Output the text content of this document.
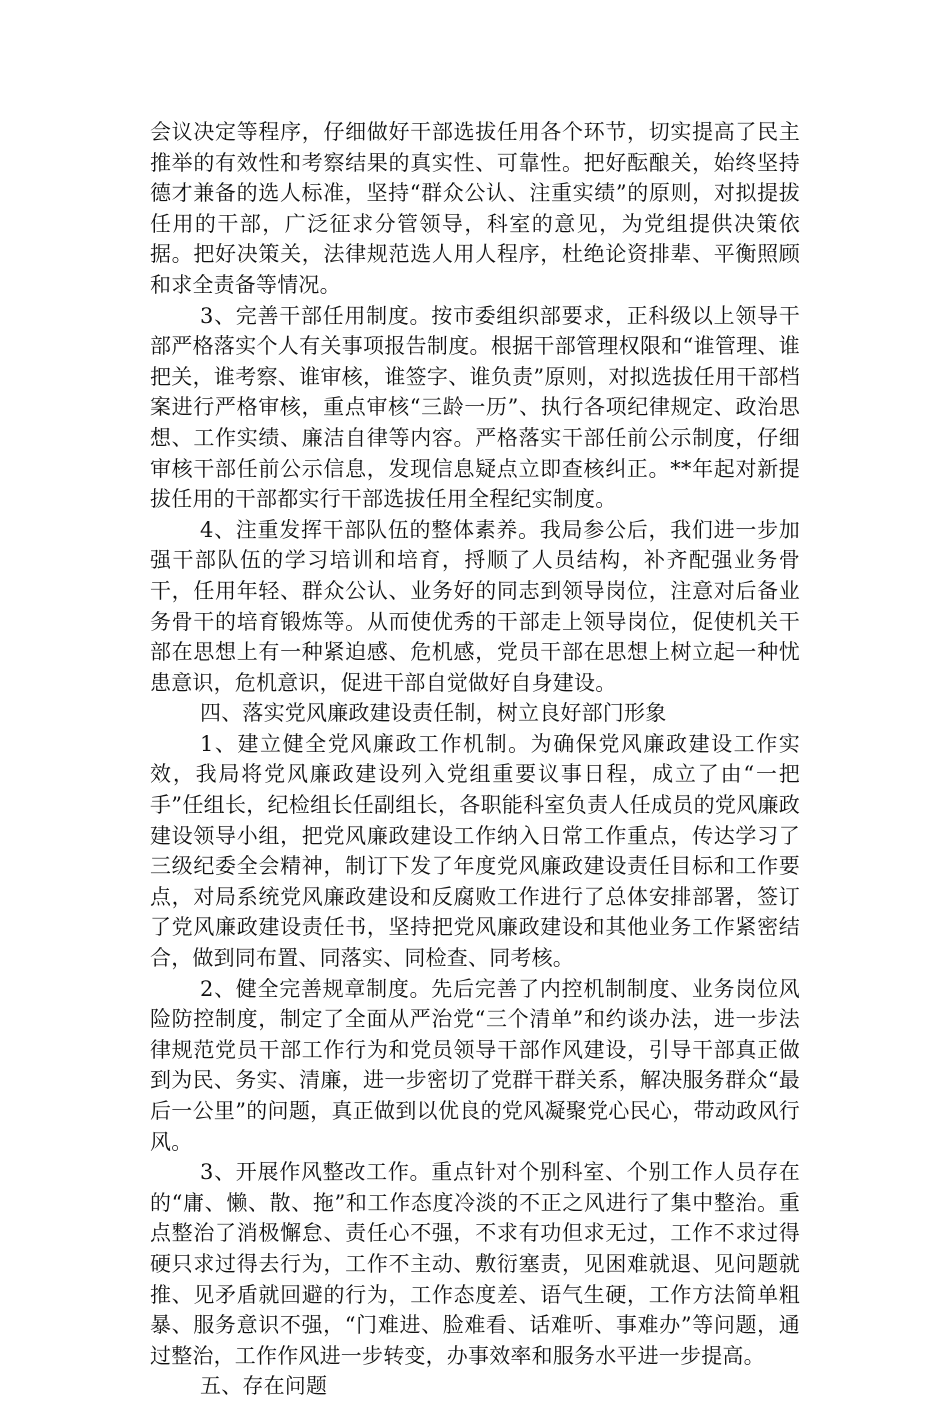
会议决定等程序，仔细做好干部选拔任用各个环节，切实提高了民主推举的有效性和考察结果的真实性、可靠性。把好酝酿关，始终坚持德才兼备的选人标准，坚持“群众公认、注重实绩”的原则，对拟提拔任用的干部，广泛征求分管领导，科室的意见，为党组提供决策依据。把好决策关，法律规范选人用人程序，杜绝论资排辈、平衡照顾和求全责备等情况。

3、完善干部任用制度。按市委组织部要求，正科级以上领导干部严格落实个人有关事项报告制度。根据干部管理权限和“谁管理、谁把关，谁考察、谁审核，谁签字、谁负责”原则，对拟选拔任用干部档案进行严格审核，重点审核“三龄一历”、执行各项纪律规定、政治思想、工作实绩、廉洁自律等内容。严格落实干部任前公示制度，仔细审核干部任前公示信息，发现信息疑点立即查核纠正。**年起对新提拔任用的干部都实行干部选拔任用全程纪实制度。

4、注重发挥干部队伍的整体素养。我局参公后，我们进一步加强干部队伍的学习培训和培育，捋顺了人员结构，补齐配强业务骨干，任用年轻、群众公认、业务好的同志到领导岗位，注意对后备业务骨干的培育锻炼等。从而使优秀的干部走上领导岗位，促使机关干部在思想上有一种紧迫感、危机感，党员干部在思想上树立起一种忧患意识，危机意识，促进干部自觉做好自身建设。

四、落实党风廉政建设责任制，树立良好部门形象

1、建立健全党风廉政工作机制。为确保党风廉政建设工作实效，我局将党风廉政建设列入党组重要议事日程，成立了由“一把手”任组长，纪检组长任副组长，各职能科室负责人任成员的党风廉政建设领导小组，把党风廉政建设工作纳入日常工作重点，传达学习了三级纪委全会精神，制订下发了年度党风廉政建设责任目标和工作要点，对局系统党风廉政建设和反腐败工作进行了总体安排部署，签订了党风廉政建设责任书，坚持把党风廉政建设和其他业务工作紧密结合，做到同布置、同落实、同检查、同考核。

2、健全完善规章制度。先后完善了内控机制制度、业务岗位风险防控制度，制定了全面从严治党“三个清单”和约谈办法，进一步法律规范党员干部工作行为和党员领导干部作风建设，引导干部真正做到为民、务实、清廉，进一步密切了党群干群关系，解决服务群众“最后一公里”的问题，真正做到以优良的党风凝聚党心民心，带动政风行风。

3、开展作风整改工作。重点针对个别科室、个别工作人员存在的“庸、懒、散、拖”和工作态度冷淡的不正之风进行了集中整治。重点整治了消极懈怠、责任心不强，不求有功但求无过，工作不求过得硬只求过得去行为，工作不主动、敷衍塞责，见困难就退、见问题就推、见矛盾就回避的行为，工作态度差、语气生硬，工作方法简单粗暴、服务意识不强，“门难进、脸难看、话难听、事难办”等问题，通过整治，工作作风进一步转变，办事效率和服务水平进一步提高。

五、存在问题
